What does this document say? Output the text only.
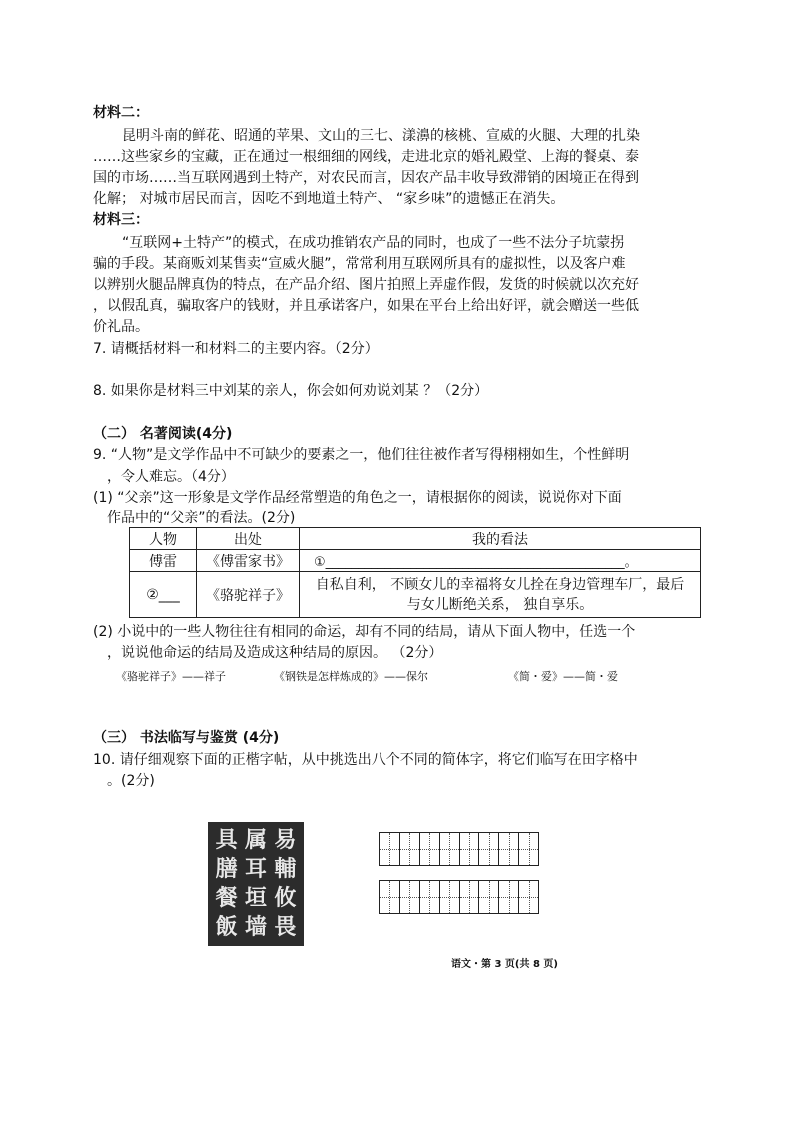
材料二：
昆明斗南的鲜花、昭通的苹果、文山的三七、漾濞的核桃、宣威的火腿、大理的扎染
……这些家乡的宝藏，正在通过一根细细的网线，走进北京的婚礼殿堂、上海的餐桌、泰
国的市场……当互联网遇到土特产，对农民而言，因农产品丰收导致滞销的困境正在得到
化解； 对城市居民而言，因吃不到地道土特产、 “家乡味”的遗憾正在消失。
材料三：
“互联网+土特产”的模式，在成功推销农产品的同时，也成了一些不法分子坑蒙拐
骗的手段。某商贩刘某售卖“宣威火腿”，常常利用互联网所具有的虚拟性，以及客户难
以辨别火腿品牌真伪的特点，在产品介绍、图片拍照上弄虚作假，发货的时候就以次充好
，以假乱真，骗取客户的钱财，并且承诺客户，如果在平台上给出好评，就会赠送一些低
价礼品。
7. 请概括材料一和材料二的主要内容。（2分）
8. 如果你是材料三中刘某的亲人，你会如何劝说刘某 ？（2分）
（二） 名著阅读(4分)
9. “人物”是文学作品中不可缺少的要素之一，他们往往被作者写得栩栩如生，个性鲜明
，令人难忘。（4分）
(1) “父亲”这一形象是文学作品经常塑造的角色之一，请根据你的阅读，说说你对下面
作品中的“父亲”的看法。(2分)
人物	出处	我的看法
傅雷	《傅雷家书》	①______________________________________________。
②___	《骆驼祥子》	自私自利， 不顾女儿的幸福将女儿拴在身边管理车厂，最后
与女儿断绝关系， 独自享乐。
(2) 小说中的一些人物往往有相同的命运，却有不同的结局，请从下面人物中，任选一个
，说说他命运的结局及造成这种结局的原因。 （2分）
《骆驼祥子》——祥子	《钢铁是怎样炼成的》——保尔	《简・爱》——简・爱
（三） 书法临写与鉴赏 (4分)
10. 请仔细观察下面的正楷字帖，从中挑选出八个不同的简体字，将它们临写在田字格中
。(2分)
具 属 易
膳 耳 輔
餐 垣 攸
飯 墙 畏
语文・第 3 页(共 8 页)
